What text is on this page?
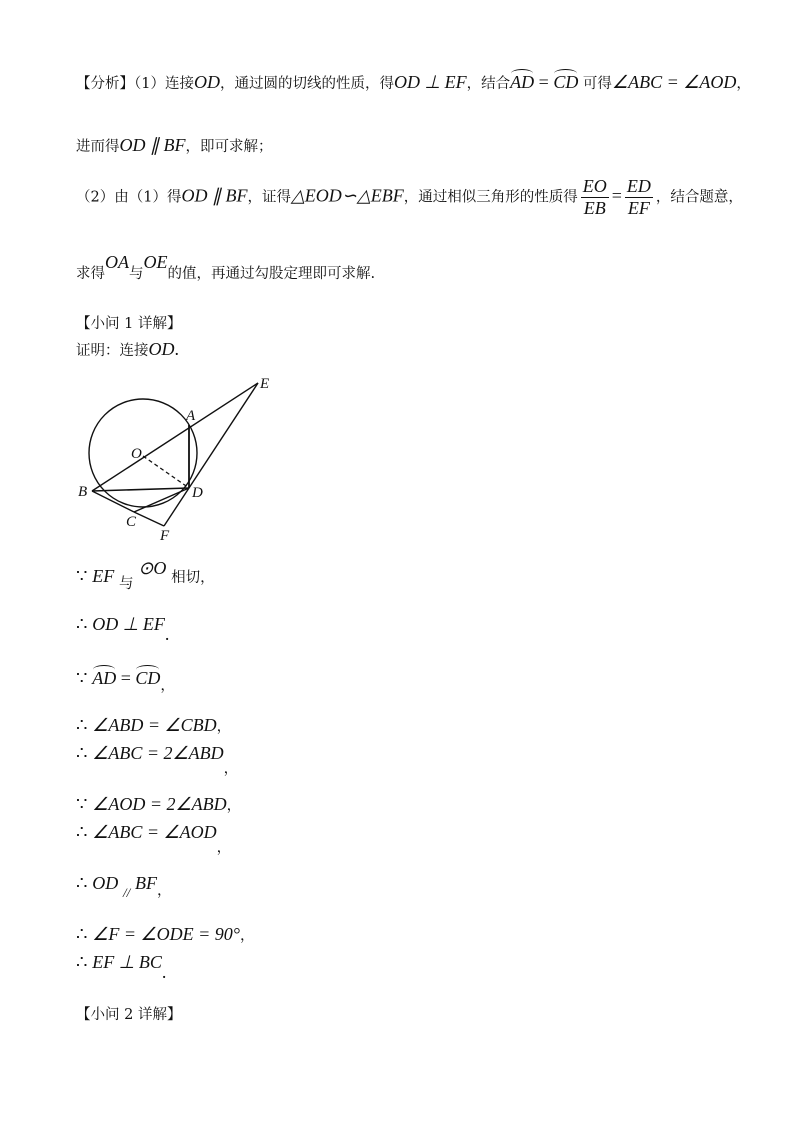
【分析】（1）连接OD，通过圆的切线的性质，得OD ⊥ EF，结合AD = CD 可得∠ABC = ∠AOD，
进而得OD ∥ BF，即可求解；
（2）由（1）得OD ∥ BF，证得△EOD∽△EBF，通过相似三角形的性质得 $\frac{EO}{EB} = \frac{ED}{EF}$ ，结合题意，
求得OA与OE的值，再通过勾股定理即可求解.
【小问 1 详解】
证明：连接OD.
E
A
O
B	D
C
F
∵ EF 与 ⊙O 相切，
∴ OD ⊥ EF.
∵ AD = CD，
∴ ∠ABD = ∠CBD，
∴ ∠ABC = 2∠ABD，
∵ ∠AOD = 2∠ABD，
∴ ∠ABC = ∠AOD，
∴ OD // BF，
∴ ∠F = ∠ODE = 90°，
∴ EF ⊥ BC.
【小问 2 详解】
